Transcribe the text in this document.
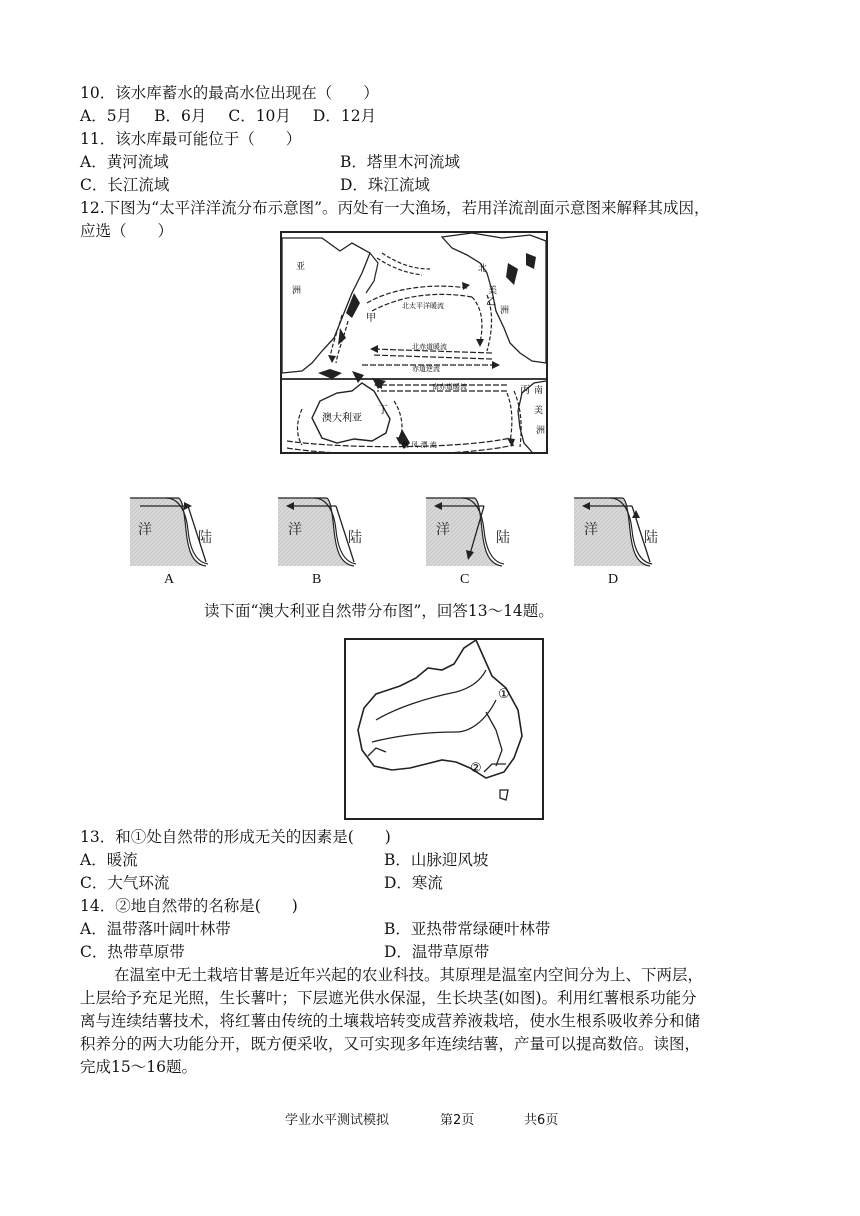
10．该水库蓄水的最高水位出现在（　　）
A．5月 B．6月 C．10月 D．12月
11．该水库最可能位于（　　）
A．黄河流域	B．塔里木河流域
C．长江流域	D．珠江流域
12.下图为“太平洋洋流分布示意图”。丙处有一大渔场，若用洋流剖面示意图来解释其成因，
应选（　　）
亚
洲
北
美
洲
南
美
洲
甲
乙
丙
丁
澳大利亚
北太平洋暖流
北赤道暖流
赤道逆流
南赤道暖流
西 风 漂 流
洋	陆
A
洋	陆
B
洋	陆
C
洋	陆
D
读下面“澳大利亚自然带分布图”，回答13～14题。
①
②
13．和①处自然带的形成无关的因素是(　　)
A．暖流	B．山脉迎风坡
C．大气环流	D．寒流
14．②地自然带的名称是(　　)
A．温带落叶阔叶林带	B．亚热带常绿硬叶林带
C．热带草原带	D．温带草原带
在温室中无土栽培甘薯是近年兴起的农业科技。其原理是温室内空间分为上、下两层，
上层给予充足光照，生长薯叶；下层遮光供水保湿，生长块茎(如图)。利用红薯根系功能分
离与连续结薯技术，将红薯由传统的土壤栽培转变成营养液栽培，使水生根系吸收养分和储
积养分的两大功能分开，既方便采收，又可实现多年连续结薯，产量可以提高数倍。读图，
完成15～16题。
学业水平测试模拟	第2页	共6页
